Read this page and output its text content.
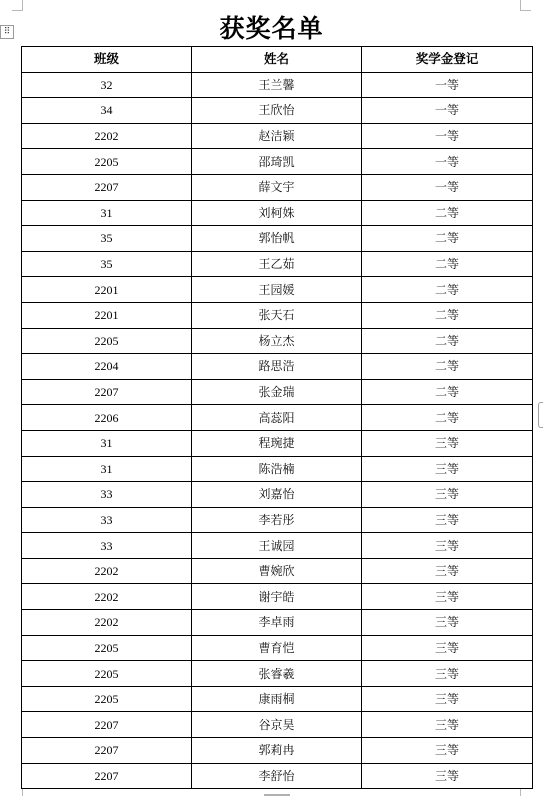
⠿	获奖名单
班级	姓名	奖学金登记
32	王兰馨	一等
34	王欣怡	一等
2202	赵洁颖	一等
2205	邵琦凯	一等
2207	薛文宇	一等
31	刘柯姝	二等
35	郭怡帆	二等
35	王乙茹	二等
2201	王园媛	二等
2201	张天石	二等
2205	杨立杰	二等
2204	路思浩	二等
2207	张金瑞	二等
2206	高蕊阳	二等
31	程琬捷	三等
31	陈浩楠	三等
33	刘嘉怡	三等
33	李若彤	三等
33	王诚园	三等
2202	曹婉欣	三等
2202	谢宇皓	三等
2202	李卓雨	三等
2205	曹育恺	三等
2205	张睿羲	三等
2205	康雨桐	三等
2207	谷京昊	三等
2207	郭莉冉	三等
2207	李舒怡	三等
